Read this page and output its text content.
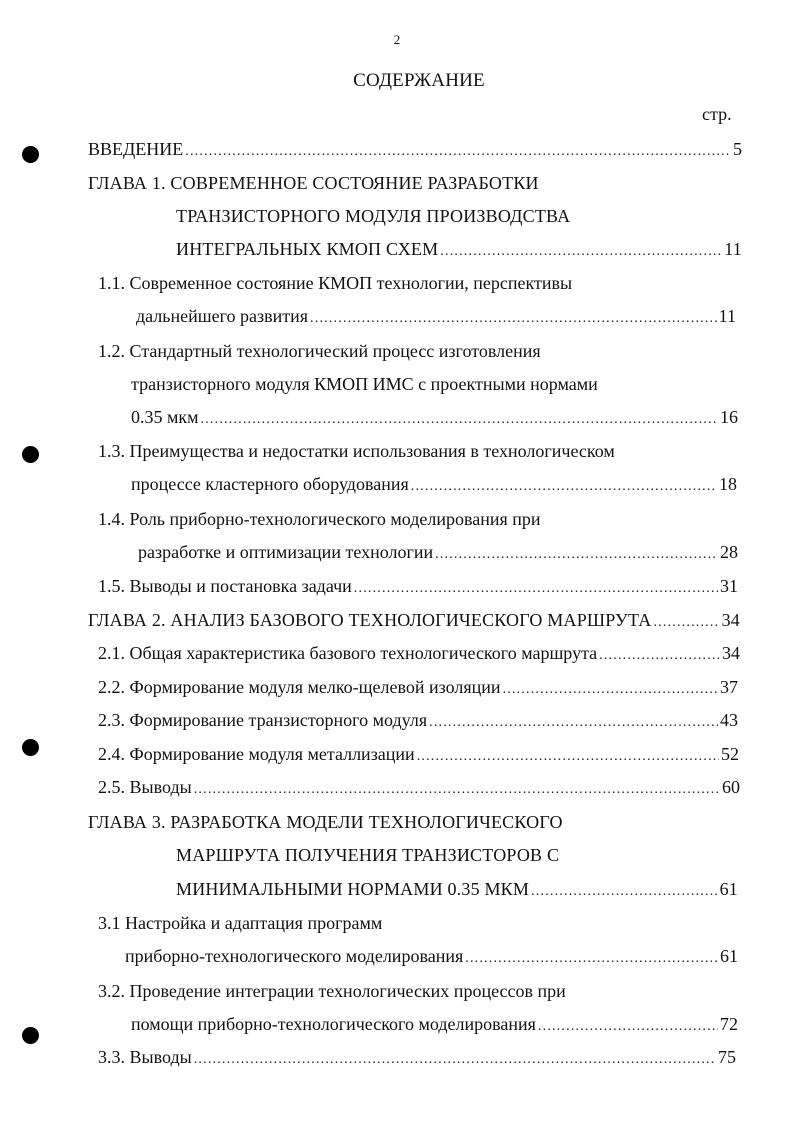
2
СОДЕРЖАНИЕ
стр.
ВВЕДЕНИЕ .....	5
ГЛАВА 1. СОВРЕМЕННОЕ СОСТОЯНИЕ РАЗРАБОТКИ
ТРАНЗИСТОРНОГО МОДУЛЯ ПРОИЗВОДСТВА
ИНТЕГРАЛЬНЫХ КМОП СХЕМ .....	11
1.1. Современное состояние КМОП технологии, перспективы
дальнейшего развития .....	11
1.2. Стандартный технологический процесс изготовления
транзисторного модуля КМОП ИМС с проектными нормами
0.35 мкм .....	16
1.3. Преимущества и недостатки использования в технологическом
процессе кластерного оборудования .....	18
1.4. Роль приборно-технологического моделирования при
разработке и оптимизации технологии .....	28
1.5. Выводы и постановка задачи .....	31
ГЛАВА 2. АНАЛИЗ БАЗОВОГО ТЕХНОЛОГИЧЕСКОГО МАРШРУТА .....	34
2.1. Общая характеристика базового технологического маршрута .....	34
2.2. Формирование модуля мелко-щелевой изоляции .....	37
2.3. Формирование транзисторного модуля .....	43
2.4. Формирование модуля металлизации .....	52
2.5. Выводы .....	60
ГЛАВА 3. РАЗРАБОТКА МОДЕЛИ ТЕХНОЛОГИЧЕСКОГО
МАРШРУТА ПОЛУЧЕНИЯ ТРАНЗИСТОРОВ С
МИНИМАЛЬНЫМИ НОРМАМИ 0.35 МКМ .....	61
3.1 Настройка и адаптация программ
приборно-технологического моделирования .....	61
3.2. Проведение интеграции технологических процессов при
помощи приборно-технологического моделирования .....	72
3.3. Выводы .....	75
